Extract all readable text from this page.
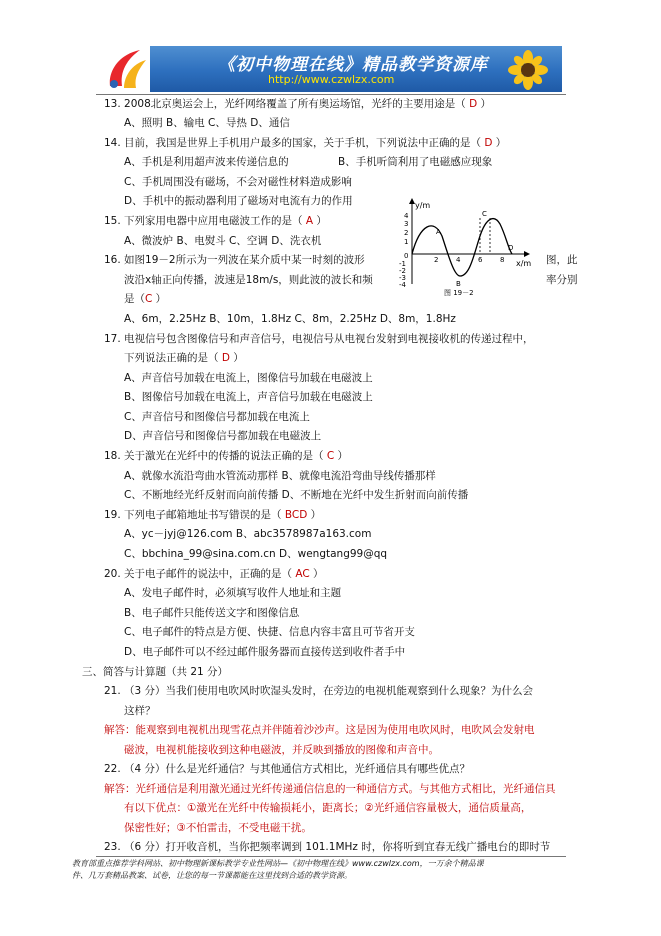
《初中物理在线》精品教学资源库
http://www.czwlzx.com
13. 2008北京奥运会上，光纤网络覆盖了所有奥运场馆，光纤的主要用途是（ D ）
A、照明 B、输电 C、导热 D、通信
14. 目前，我国是世界上手机用户最多的国家，关于手机，下列说法中正确的是（ D ）
A、手机是利用超声波来传递信息的	B、手机听筒利用了电磁感应现象
C、手机周围没有磁场，不会对磁性材料造成影响
D、手机中的振动器利用了磁场对电流有力的作用
15. 下列家用电器中应用电磁波工作的是（ A ）
A、微波炉 B、电熨斗 C、空调 D、洗衣机
16. 如图19－2所示为一列波在某介质中某一时刻的波形	图，此
波沿x轴正向传播，波速是18m/s，则此波的波长和频	率分别
是（C ）
A、6m，2.25Hz B、10m，1.8Hz C、8m，2.25Hz D、8m，1.8Hz
y/m
x/m
4
3
2
1
0
-1
-2
-3
-4
2	4	6	8
A
B
C
D
图 19－2
17. 电视信号包含图像信号和声音信号，电视信号从电视台发射到电视接收机的传递过程中，
下列说法正确的是（ D ）
A、声音信号加载在电流上，图像信号加载在电磁波上
B、图像信号加载在电流上，声音信号加载在电磁波上
C、声音信号和图像信号都加载在电流上
D、声音信号和图像信号都加载在电磁波上
18. 关于激光在光纤中的传播的说法正确的是（ C ）
A、就像水流沿弯曲水管流动那样 B、就像电流沿弯曲导线传播那样
C、不断地经光纤反射而向前传播 D、不断地在光纤中发生折射而向前传播
19. 下列电子邮箱地址书写错误的是（ BCD ）
A、yc－jyj@126.com B、abc3578987a163.com
C、bbchina_99@sina.com.cn D、wengtang99@qq
20. 关于电子邮件的说法中，正确的是（ AC ）
A、发电子邮件时，必须填写收件人地址和主题
B、电子邮件只能传送文字和图像信息
C、电子邮件的特点是方便、快捷、信息内容丰富且可节省开支
D、电子邮件可以不经过邮件服务器而直接传送到收件者手中
三、简答与计算题（共 21 分）
21. （3 分）当我们使用电吹风时吹湿头发时，在旁边的电视机能观察到什么现象？为什么会
这样？
解答：能观察到电视机出现雪花点并伴随着沙沙声。这是因为使用电吹风时，电吹风会发射电
磁波，电视机能接收到这种电磁波，并反映到播放的图像和声音中。
22. （4 分）什么是光纤通信？与其他通信方式相比，光纤通信具有哪些优点？
解答：光纤通信是利用激光通过光纤传递通信信息的一种通信方式。与其他方式相比，光纤通信具
有以下优点：①激光在光纤中传输损耗小，距离长；②光纤通信容量极大，通信质量高，
保密性好；③不怕雷击，不受电磁干扰。
23. （6 分）打开收音机，当你把频率调到 101.1MHz 时，你将听到宜春无线广播电台的即时节
教育部重点推荐学科网站、初中物理新课标教学专业性网站—《初中物理在线》www.czwlzx.com，一万余个精品课
件、几万套精品教案、试卷，让您的每一节课都能在这里找到合适的教学资源。
